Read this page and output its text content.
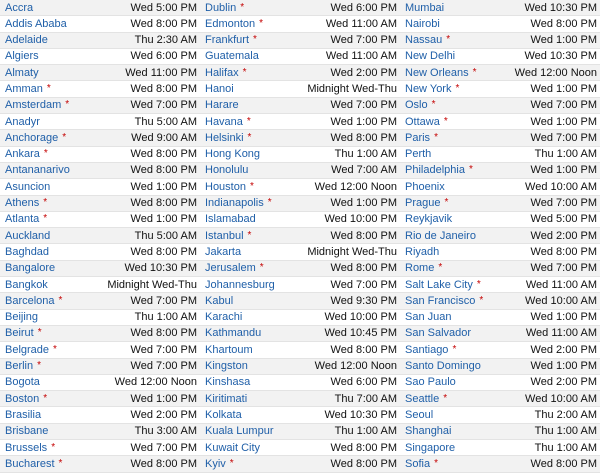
Accra	Wed 5:00 PM
Addis Ababa	Wed 8:00 PM
Adelaide	Thu 2:30 AM
Algiers	Wed 6:00 PM
Almaty	Wed 11:00 PM
Amman *	Wed 8:00 PM
Amsterdam *	Wed 7:00 PM
Anadyr	Thu 5:00 AM
Anchorage *	Wed 9:00 AM
Ankara *	Wed 8:00 PM
Antananarivo	Wed 8:00 PM
Asuncion	Wed 1:00 PM
Athens *	Wed 8:00 PM
Atlanta *	Wed 1:00 PM
Auckland	Thu 5:00 AM
Baghdad	Wed 8:00 PM
Bangalore	Wed 10:30 PM
Bangkok	Midnight Wed-Thu
Barcelona *	Wed 7:00 PM
Beijing	Thu 1:00 AM
Beirut *	Wed 8:00 PM
Belgrade *	Wed 7:00 PM
Berlin *	Wed 7:00 PM
Bogota	Wed 12:00 Noon
Boston *	Wed 1:00 PM
Brasilia	Wed 2:00 PM
Brisbane	Thu 3:00 AM
Brussels *	Wed 7:00 PM
Bucharest *	Wed 8:00 PM
Dublin *	Wed 6:00 PM
Edmonton *	Wed 11:00 AM
Frankfurt *	Wed 7:00 PM
Guatemala	Wed 11:00 AM
Halifax *	Wed 2:00 PM
Hanoi	Midnight Wed-Thu
Harare	Wed 7:00 PM
Havana *	Wed 1:00 PM
Helsinki *	Wed 8:00 PM
Hong Kong	Thu 1:00 AM
Honolulu	Wed 7:00 AM
Houston *	Wed 12:00 Noon
Indianapolis *	Wed 1:00 PM
Islamabad	Wed 10:00 PM
Istanbul *	Wed 8:00 PM
Jakarta	Midnight Wed-Thu
Jerusalem *	Wed 8:00 PM
Johannesburg	Wed 7:00 PM
Kabul	Wed 9:30 PM
Karachi	Wed 10:00 PM
Kathmandu	Wed 10:45 PM
Khartoum	Wed 8:00 PM
Kingston	Wed 12:00 Noon
Kinshasa	Wed 6:00 PM
Kiritimati	Thu 7:00 AM
Kolkata	Wed 10:30 PM
Kuala Lumpur	Thu 1:00 AM
Kuwait City	Wed 8:00 PM
Kyiv *	Wed 8:00 PM
Mumbai	Wed 10:30 PM
Nairobi	Wed 8:00 PM
Nassau *	Wed 1:00 PM
New Delhi	Wed 10:30 PM
New Orleans *	Wed 12:00 Noon
New York *	Wed 1:00 PM
Oslo *	Wed 7:00 PM
Ottawa *	Wed 1:00 PM
Paris *	Wed 7:00 PM
Perth	Thu 1:00 AM
Philadelphia *	Wed 1:00 PM
Phoenix	Wed 10:00 AM
Prague *	Wed 7:00 PM
Reykjavik	Wed 5:00 PM
Rio de Janeiro	Wed 2:00 PM
Riyadh	Wed 8:00 PM
Rome *	Wed 7:00 PM
Salt Lake City *	Wed 11:00 AM
San Francisco *	Wed 10:00 AM
San Juan	Wed 1:00 PM
San Salvador	Wed 11:00 AM
Santiago *	Wed 2:00 PM
Santo Domingo	Wed 1:00 PM
Sao Paulo	Wed 2:00 PM
Seattle *	Wed 10:00 AM
Seoul	Thu 2:00 AM
Shanghai	Thu 1:00 AM
Singapore	Thu 1:00 AM
Sofia *	Wed 8:00 PM
